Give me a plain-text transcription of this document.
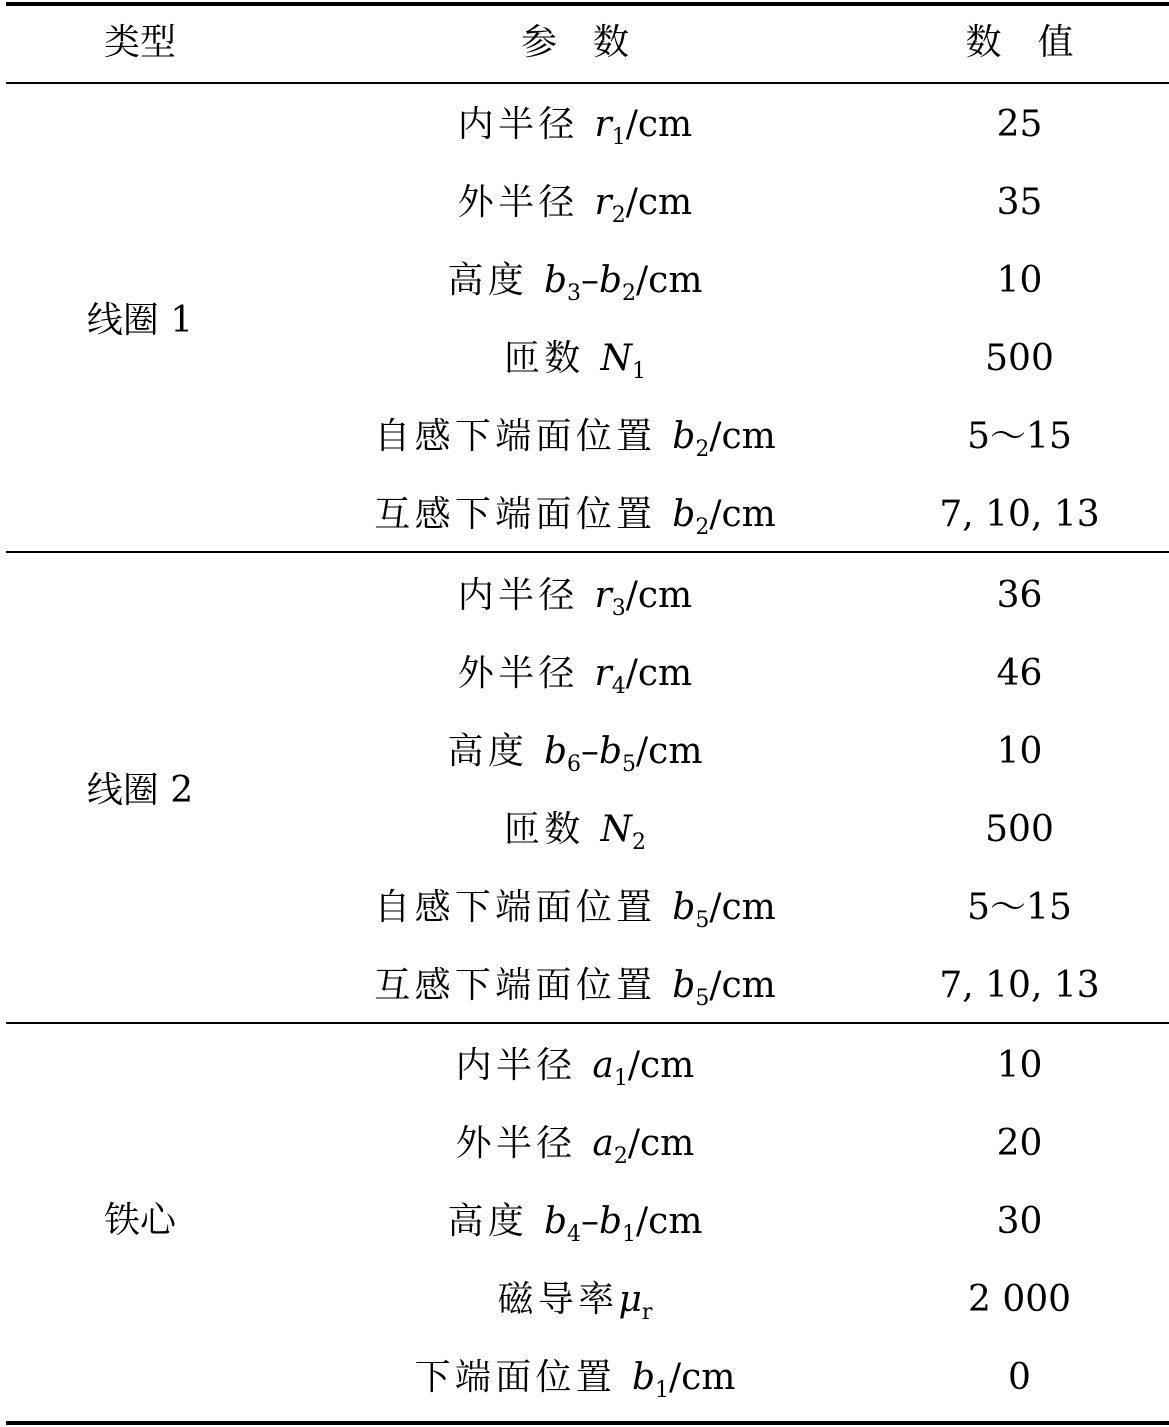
类型	参　数	数　值
线圈 1
内半径 $r_1/cm$	25
外半径 $r_2/cm$	35
高度 $b_3-b_2/cm$	10
匝数 $N_1$	500
自感下端面位置 $b_2/cm$	5～15
互感下端面位置 $b_2/cm$	7, 10, 13
线圈 2
内半径 $r_3/cm$	36
外半径 $r_4/cm$	46
高度 $b_6-b_5/cm$	10
匝数 $N_2$	500
自感下端面位置 $b_5/cm$	5～15
互感下端面位置 $b_5/cm$	7, 10, 13
铁心
内半径 $a_1/cm$	10
外半径 $a_2/cm$	20
高度 $b_4-b_1/cm$	30
磁导率$\mu_r$	2 000
下端面位置 $b_1/cm$	0
